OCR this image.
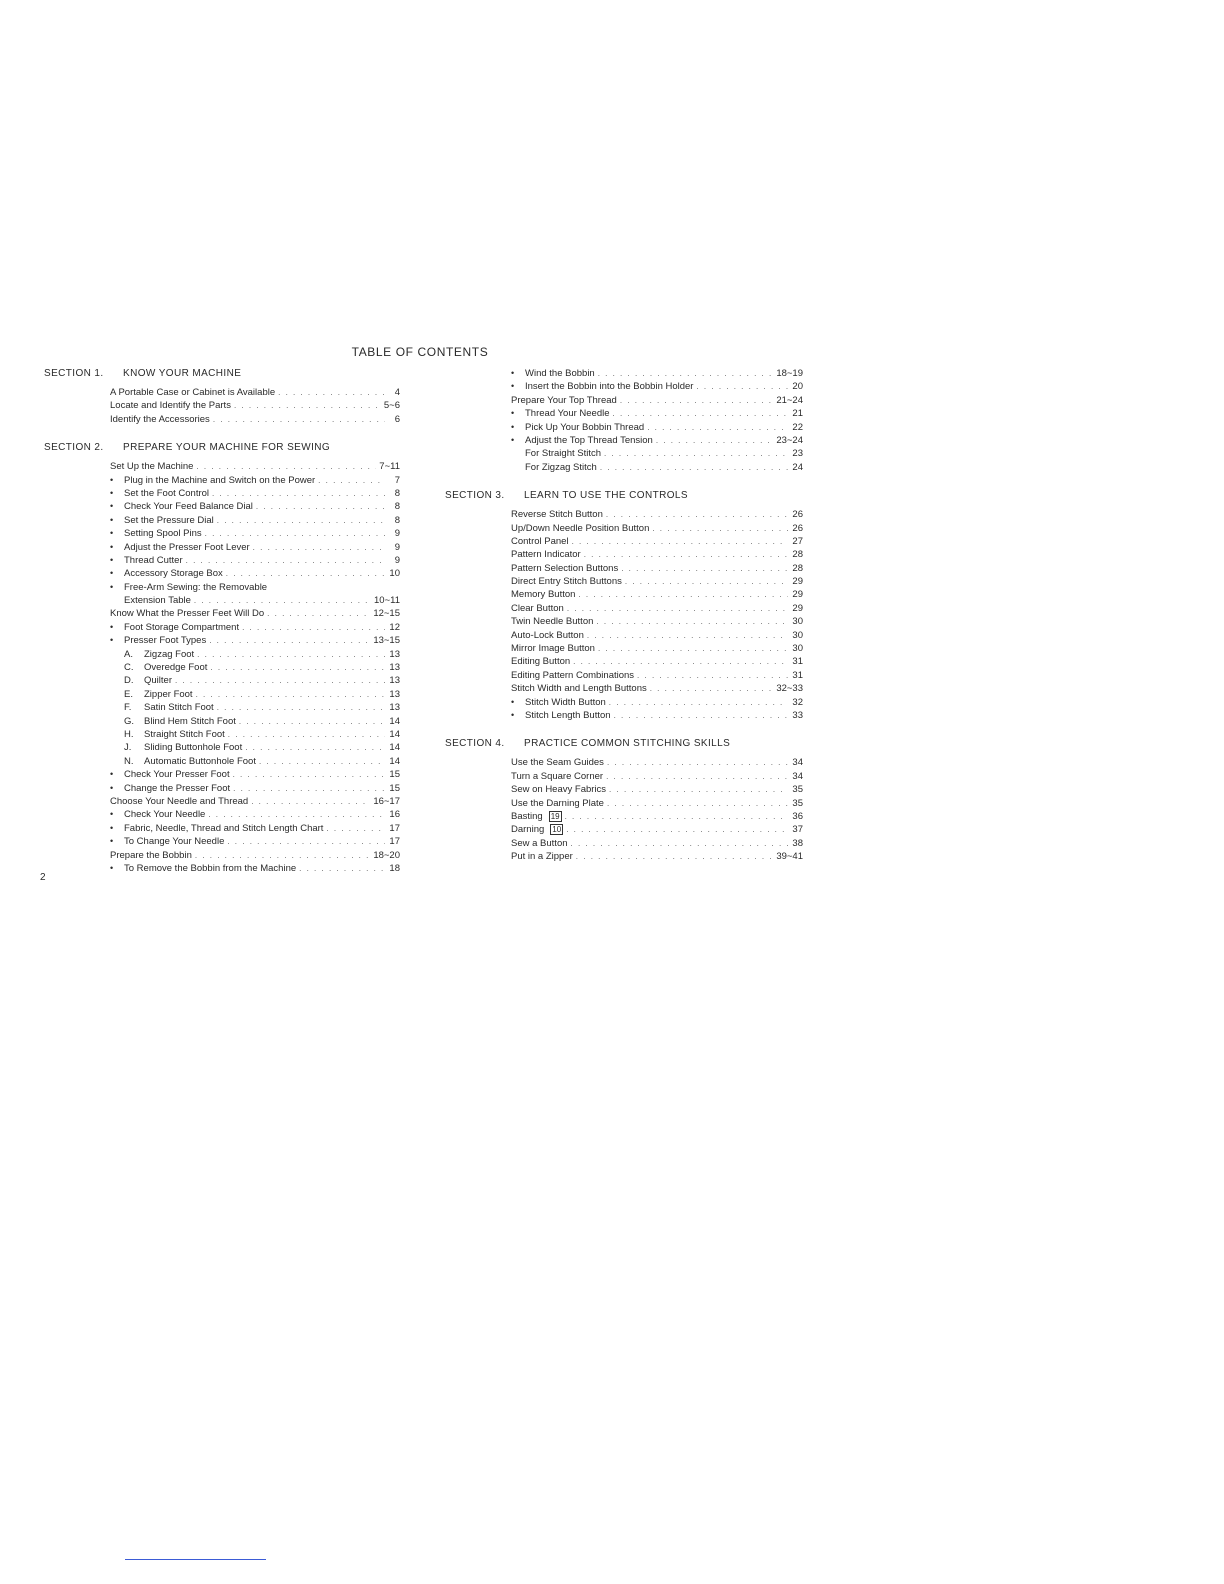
TABLE OF CONTENTS
SECTION 1.	KNOW YOUR MACHINE
A Portable Case or Cabinet is Available . . .	4
Locate and Identify the Parts . . .	5~6
Identify the Accessories . . .	6
SECTION 2.	PREPARE YOUR MACHINE FOR SEWING
Set Up the Machine . . .	7~11
• Plug in the Machine and Switch on the Power . . .	7
• Set the Foot Control . . .	8
• Check Your Feed Balance Dial . . .	8
• Set the Pressure Dial . . .	8
• Setting Spool Pins . . .	9
• Adjust the Presser Foot Lever . . .	9
• Thread Cutter . . .	9
• Accessory Storage Box . . .	10
• Free-Arm Sewing: the Removable
Extension Table . . .	10~11
Know What the Presser Feet Will Do . . .	12~15
• Foot Storage Compartment . . .	12
• Presser Foot Types . . .	13~15
A. Zigzag Foot . . .	13
C. Overedge Foot . . .	13
D. Quilter . . .	13
E. Zipper Foot . . .	13
F. Satin Stitch Foot . . .	13
G. Blind Hem Stitch Foot . . .	14
H. Straight Stitch Foot . . .	14
J. Sliding Buttonhole Foot . . .	14
N. Automatic Buttonhole Foot . . .	14
• Check Your Presser Foot . . .	15
• Change the Presser Foot . . .	15
Choose Your Needle and Thread . . .	16~17
• Check Your Needle . . .	16
• Fabric, Needle, Thread and Stitch Length Chart . . .	17
• To Change Your Needle . . .	17
Prepare the Bobbin . . .	18~20
• To Remove the Bobbin from the Machine . . .	18
• Wind the Bobbin . . .	18~19
• Insert the Bobbin into the Bobbin Holder . . .	20
Prepare Your Top Thread . . .	21~24
• Thread Your Needle . . .	21
• Pick Up Your Bobbin Thread . . .	22
• Adjust the Top Thread Tension . . .	23~24
For Straight Stitch . . .	23
For Zigzag Stitch . . .	24
SECTION 3.	LEARN TO USE THE CONTROLS
Reverse Stitch Button . . .	26
Up/Down Needle Position Button . . .	26
Control Panel . . .	27
Pattern Indicator . . .	28
Pattern Selection Buttons . . .	28
Direct Entry Stitch Buttons . . .	29
Memory Button . . .	29
Clear Button . . .	29
Twin Needle Button . . .	30
Auto-Lock Button . . .	30
Mirror Image Button . . .	30
Editing Button . . .	31
Editing Pattern Combinations . . .	31
Stitch Width and Length Buttons . . .	32~33
• Stitch Width Button . . .	32
• Stitch Length Button . . .	33
SECTION 4.	PRACTICE COMMON STITCHING SKILLS
Use the Seam Guides . . .	34
Turn a Square Corner . . .	34
Sew on Heavy Fabrics . . .	35
Use the Darning Plate . . .	35
Basting 19 . . .	36
Darning 10 . . .	37
Sew a Button . . .	38
Put in a Zipper . . .	39~41
2
